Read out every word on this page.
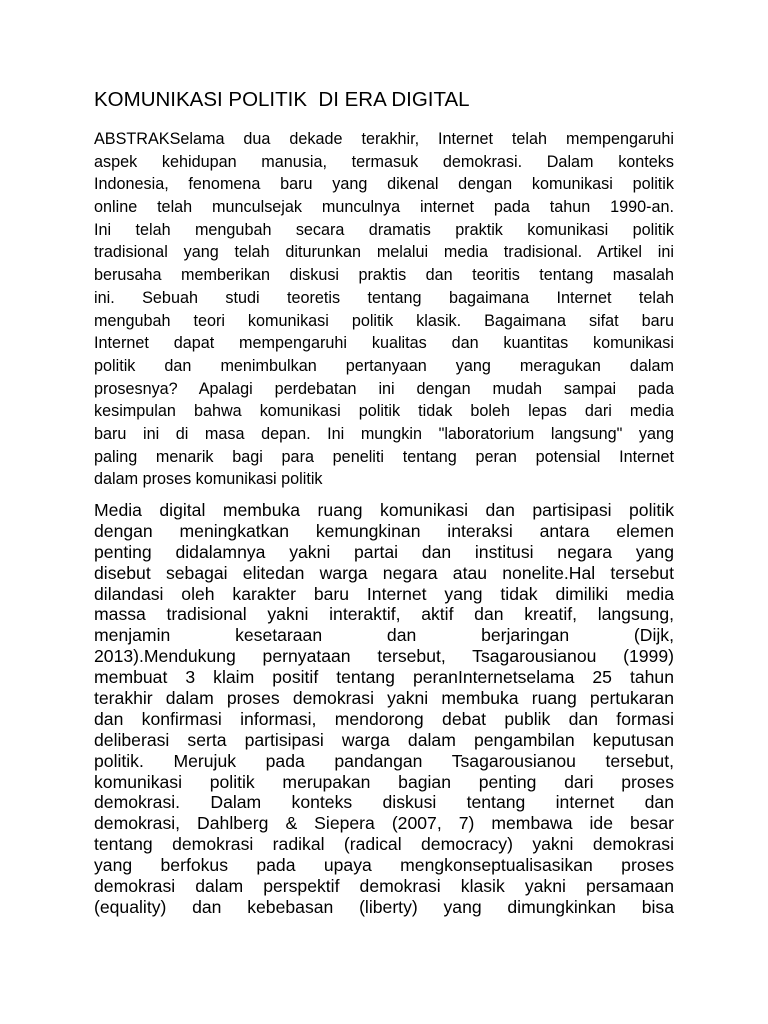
KOMUNIKASI POLITIK  DI ERA DIGITAL
ABSTRAKSelama dua dekade terakhir, Internet telah mempengaruhi
aspek kehidupan manusia, termasuk demokrasi. Dalam konteks
Indonesia, fenomena baru yang dikenal dengan komunikasi politik
online telah munculsejak munculnya internet pada tahun 1990-an.
Ini telah mengubah secara dramatis praktik komunikasi politik
tradisional yang telah diturunkan melalui media tradisional. Artikel ini
berusaha memberikan diskusi praktis dan teoritis tentang masalah
ini. Sebuah studi teoretis tentang bagaimana Internet telah
mengubah teori komunikasi politik klasik. Bagaimana sifat baru
Internet dapat mempengaruhi kualitas dan kuantitas komunikasi
politik dan menimbulkan pertanyaan yang meragukan dalam
prosesnya? Apalagi perdebatan ini dengan mudah sampai pada
kesimpulan bahwa komunikasi politik tidak boleh lepas dari media
baru ini di masa depan. Ini mungkin "laboratorium langsung" yang
paling menarik bagi para peneliti tentang peran potensial Internet
dalam proses komunikasi politik
Media digital membuka ruang komunikasi dan partisipasi politik
dengan meningkatkan kemungkinan interaksi antara elemen
penting didalamnya yakni partai dan institusi negara yang
disebut sebagai elitedan warga negara atau nonelite.Hal tersebut
dilandasi oleh karakter baru Internet yang tidak dimiliki media
massa tradisional yakni interaktif, aktif dan kreatif, langsung,
menjamin kesetaraan dan berjaringan (Dijk,
2013).Mendukung pernyataan tersebut, Tsagarousianou (1999)
membuat 3 klaim positif tentang peranInternetselama 25 tahun
terakhir dalam proses demokrasi yakni membuka ruang pertukaran
dan konfirmasi informasi, mendorong debat publik dan formasi
deliberasi serta partisipasi warga dalam pengambilan keputusan
politik. Merujuk pada pandangan Tsagarousianou tersebut,
komunikasi politik merupakan bagian penting dari proses
demokrasi. Dalam konteks diskusi tentang internet dan
demokrasi, Dahlberg & Siepera (2007, 7) membawa ide besar
tentang demokrasi radikal (radical democracy) yakni demokrasi
yang berfokus pada upaya mengkonseptualisasikan proses
demokrasi dalam perspektif demokrasi klasik yakni persamaan
(equality) dan kebebasan (liberty) yang dimungkinkan bisa
